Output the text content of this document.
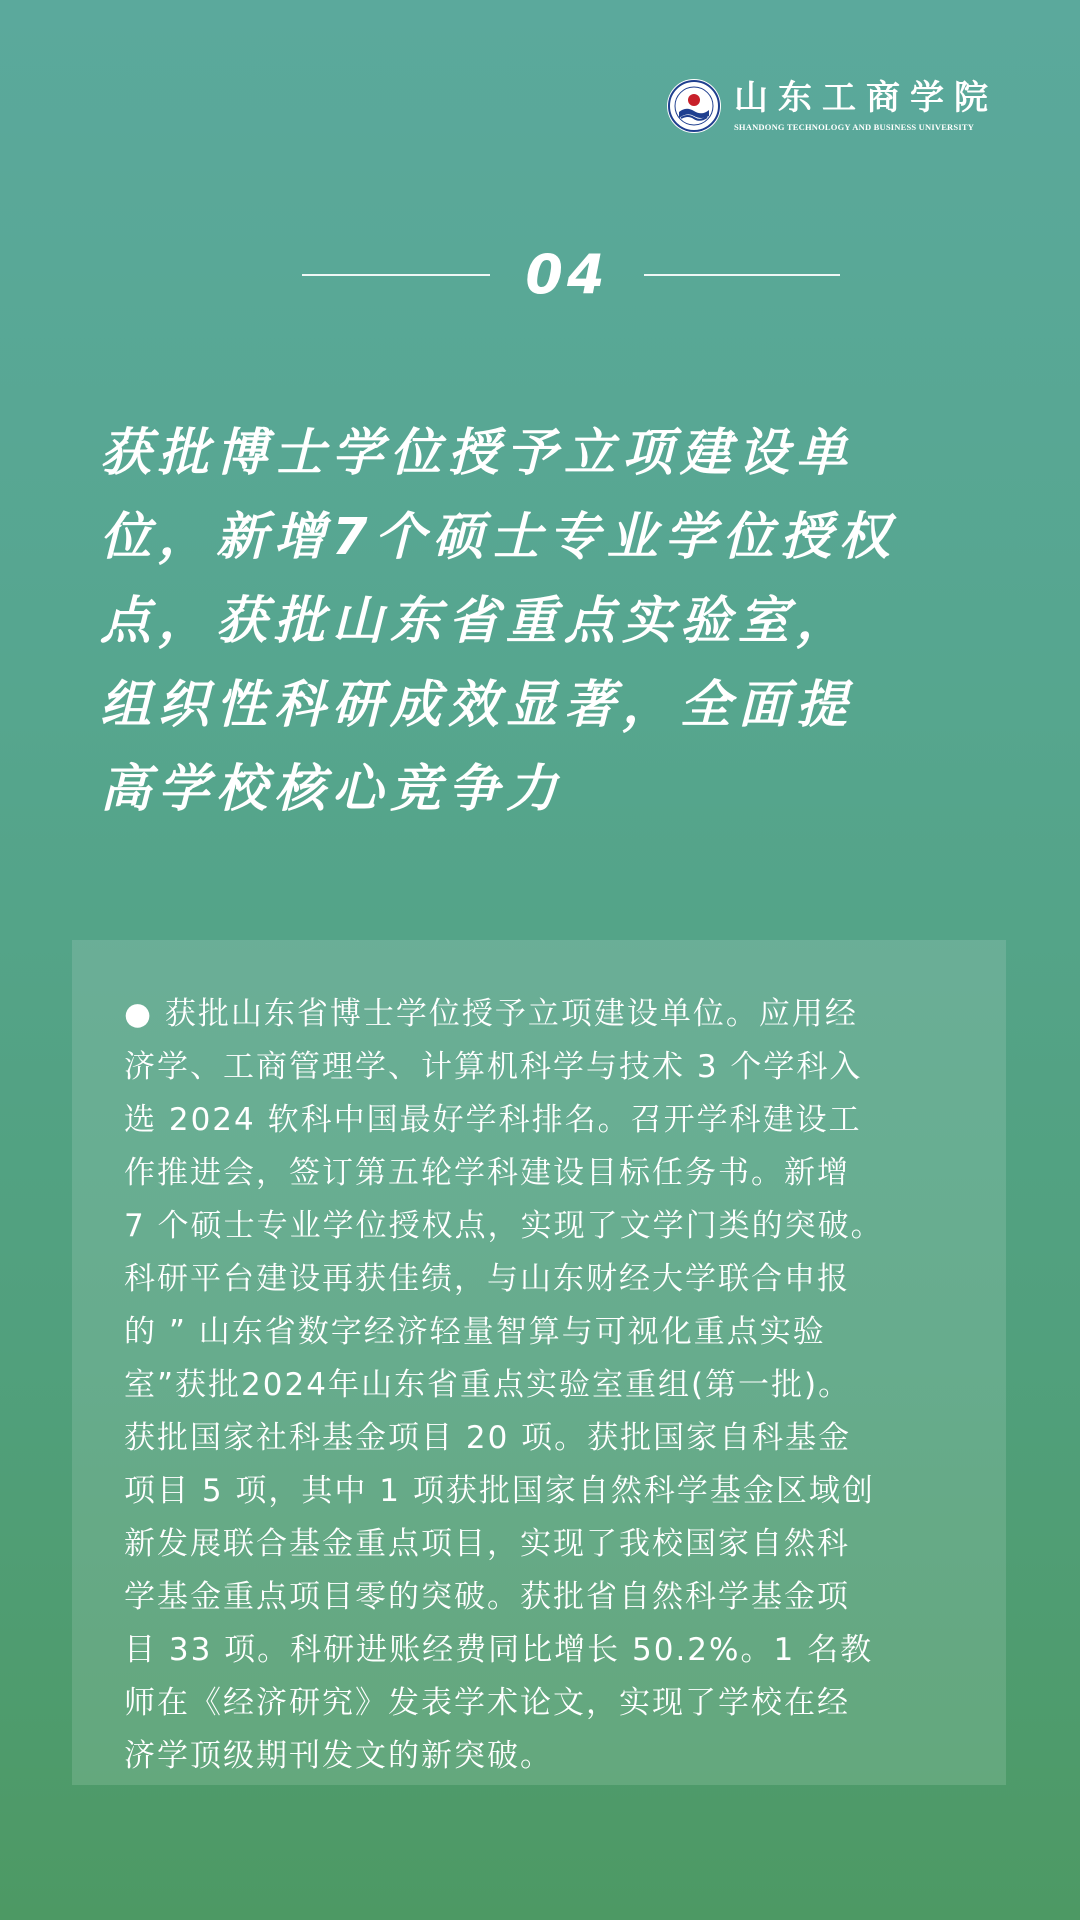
山东工商学院
SHANDONG TECHNOLOGY AND BUSINESS UNIVERSITY
04
获批博士学位授予立项建设单
位，新增7个硕士专业学位授权
点，获批山东省重点实验室，
组织性科研成效显著，全面提
高学校核心竞争力
● 获批山东省博士学位授予立项建设单位。应用经
济学、工商管理学、计算机科学与技术 3 个学科入
选 2024 软科中国最好学科排名。召开学科建设工
作推进会，签订第五轮学科建设目标任务书。新增
7 个硕士专业学位授权点，实现了文学门类的突破。
科研平台建设再获佳绩，与山东财经大学联合申报
的 ” 山东省数字经济轻量智算与可视化重点实验
室”获批2024年山东省重点实验室重组(第一批)。
获批国家社科基金项目 20 项。获批国家自科基金
项目 5 项，其中 1 项获批国家自然科学基金区域创
新发展联合基金重点项目，实现了我校国家自然科
学基金重点项目零的突破。获批省自然科学基金项
目 33 项。科研进账经费同比增长 50.2%。1 名教
师在《经济研究》发表学术论文，实现了学校在经
济学顶级期刊发文的新突破。
